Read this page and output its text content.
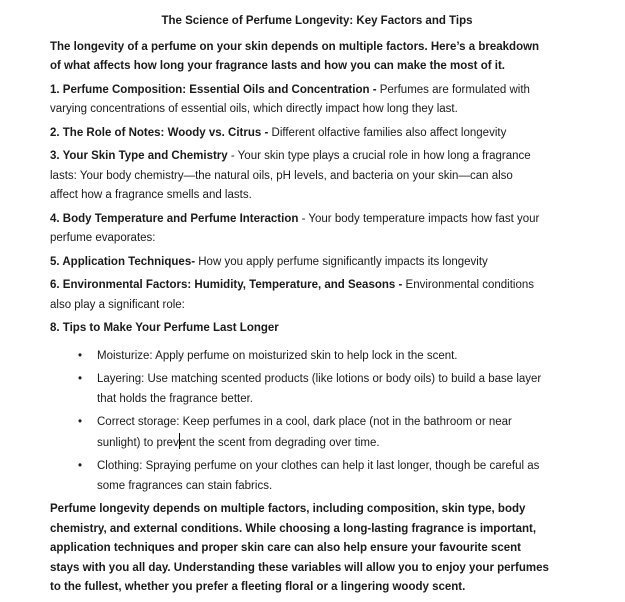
The Science of Perfume Longevity: Key Factors and Tips

The longevity of a perfume on your skin depends on multiple factors. Here’s a breakdown
of what affects how long your fragrance lasts and how you can make the most of it.

1. Perfume Composition: Essential Oils and Concentration - Perfumes are formulated with
varying concentrations of essential oils, which directly impact how long they last.

2. The Role of Notes: Woody vs. Citrus - Different olfactive families also affect longevity

3. Your Skin Type and Chemistry - Your skin type plays a crucial role in how long a fragrance
lasts: Your body chemistry—the natural oils, pH levels, and bacteria on your skin—can also
affect how a fragrance smells and lasts.

4. Body Temperature and Perfume Interaction - Your body temperature impacts how fast your
perfume evaporates:

5. Application Techniques- How you apply perfume significantly impacts its longevity

6. Environmental Factors: Humidity, Temperature, and Seasons - Environmental conditions
also play a significant role:

8. Tips to Make Your Perfume Last Longer

• Moisturize: Apply perfume on moisturized skin to help lock in the scent.
• Layering: Use matching scented products (like lotions or body oils) to build a base layer
that holds the fragrance better.
• Correct storage: Keep perfumes in a cool, dark place (not in the bathroom or near
sunlight) to prevent the scent from degrading over time.
• Clothing: Spraying perfume on your clothes can help it last longer, though be careful as
some fragrances can stain fabrics.

Perfume longevity depends on multiple factors, including composition, skin type, body
chemistry, and external conditions. While choosing a long-lasting fragrance is important,
application techniques and proper skin care can also help ensure your favourite scent
stays with you all day. Understanding these variables will allow you to enjoy your perfumes
to the fullest, whether you prefer a fleeting floral or a lingering woody scent.
